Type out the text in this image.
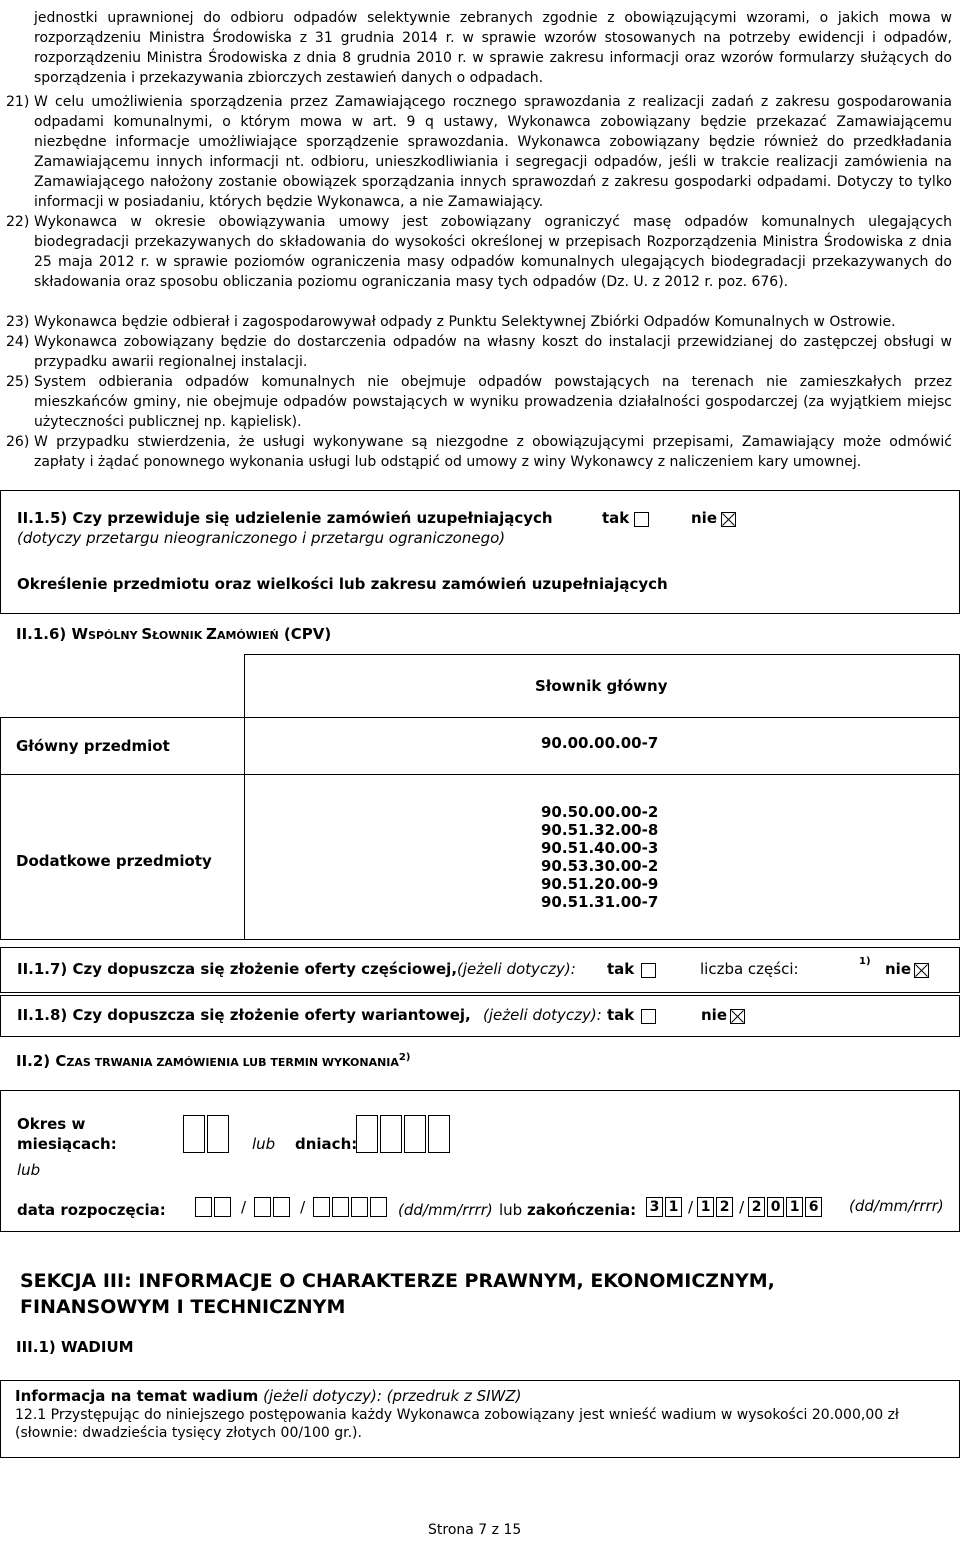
jednostki uprawnionej do odbioru odpadów selektywnie zebranych zgodnie z obowiązującymi wzorami, o jakich mowa w rozporządzeniu Ministra Środowiska z 31 grudnia 2014 r. w sprawie wzorów stosowanych na potrzeby ewidencji i odpadów, rozporządzeniu Ministra Środowiska z dnia 8 grudnia 2010 r. w sprawie zakresu informacji oraz wzorów formularzy służących do sporządzenia i przekazywania zbiorczych zestawień danych o odpadach.
21) W celu umożliwienia sporządzenia przez Zamawiającego rocznego sprawozdania z realizacji zadań z zakresu gospodarowania odpadami komunalnymi, o którym mowa w art. 9 q ustawy, Wykonawca zobowiązany będzie przekazać Zamawiającemu niezbędne informacje umożliwiające sporządzenie sprawozdania. Wykonawca zobowiązany będzie również do przedkładania Zamawiającemu innych informacji nt. odbioru, unieszkodliwiania i segregacji odpadów, jeśli w trakcie realizacji zamówienia na Zamawiającego nałożony zostanie obowiązek sporządzania innych sprawozdań z zakresu gospodarki odpadami. Dotyczy to tylko informacji w posiadaniu, których będzie Wykonawca, a nie Zamawiający.
22) Wykonawca w okresie obowiązywania umowy jest zobowiązany ograniczyć masę odpadów komunalnych ulegających biodegradacji przekazywanych do składowania do wysokości określonej w przepisach Rozporządzenia Ministra Środowiska z dnia 25 maja 2012 r. w sprawie poziomów ograniczenia masy odpadów komunalnych ulegających biodegradacji przekazywanych do składowania oraz sposobu obliczania poziomu ograniczania masy tych odpadów (Dz. U. z 2012 r. poz. 676).
23) Wykonawca będzie odbierał i zagospodarowywał odpady z Punktu Selektywnej Zbiórki Odpadów Komunalnych w Ostrowie.
24) Wykonawca zobowiązany będzie do dostarczenia odpadów na własny koszt do instalacji przewidzianej do zastępczej obsługi w przypadku awarii regionalnej instalacji.
25) System odbierania odpadów komunalnych nie obejmuje odpadów powstających na terenach nie zamieszkałych przez mieszkańców gminy, nie obejmuje odpadów powstających w wyniku prowadzenia działalności gospodarczej (za wyjątkiem miejsc użyteczności publicznej np. kąpielisk).
26) W przypadku stwierdzenia, że usługi wykonywane są niezgodne z obowiązującymi przepisami, Zamawiający może odmówić zapłaty i żądać ponownego wykonania usługi lub odstąpić od umowy z winy Wykonawcy z naliczeniem kary umownej.
II.1.5) Czy przewiduje się udzielenie zamówień uzupełniających	tak	nie
(dotyczy przetargu nieograniczonego i przetargu ograniczonego)
Określenie przedmiotu oraz wielkości lub zakresu zamówień uzupełniających
II.1.6) WSPÓLNY SŁOWNIK ZAMÓWIEŃ (CPV)
Słownik główny
Główny przedmiot	90.00.00.00-7
Dodatkowe przedmioty
90.50.00.00-2
90.51.32.00-8
90.51.40.00-3
90.53.30.00-2
90.51.20.00-9
90.51.31.00-7
II.1.7) Czy dopuszcza się złożenie oferty częściowej, (jeżeli dotyczy): tak	liczba części:	1) nie
II.1.8) Czy dopuszcza się złożenie oferty wariantowej, (jeżeli dotyczy): tak	nie
II.2) CZAS TRWANIA ZAMÓWIENIA LUB TERMIN WYKONANIA$^{2)}$
Okres w
miesiącach:	lub dniach:
lub
data rozpoczęcia:	/	/	(dd/mm/rrrr) lub zakończenia: 3 1 / 1 2 / 2 0 1 6	(dd/mm/rrrr)
SEKCJA III: INFORMACJE O CHARAKTERZE PRAWNYM, EKONOMICZNYM,
FINANSOWYM I TECHNICZNYM
III.1) WADIUM
Informacja na temat wadium (jeżeli dotyczy): (przedruk z SIWZ)
12.1 Przystępując do niniejszego postępowania każdy Wykonawca zobowiązany jest wnieść wadium w wysokości 20.000,00 zł
(słownie: dwadzieścia tysięcy złotych 00/100 gr.).
Strona 7 z 15
